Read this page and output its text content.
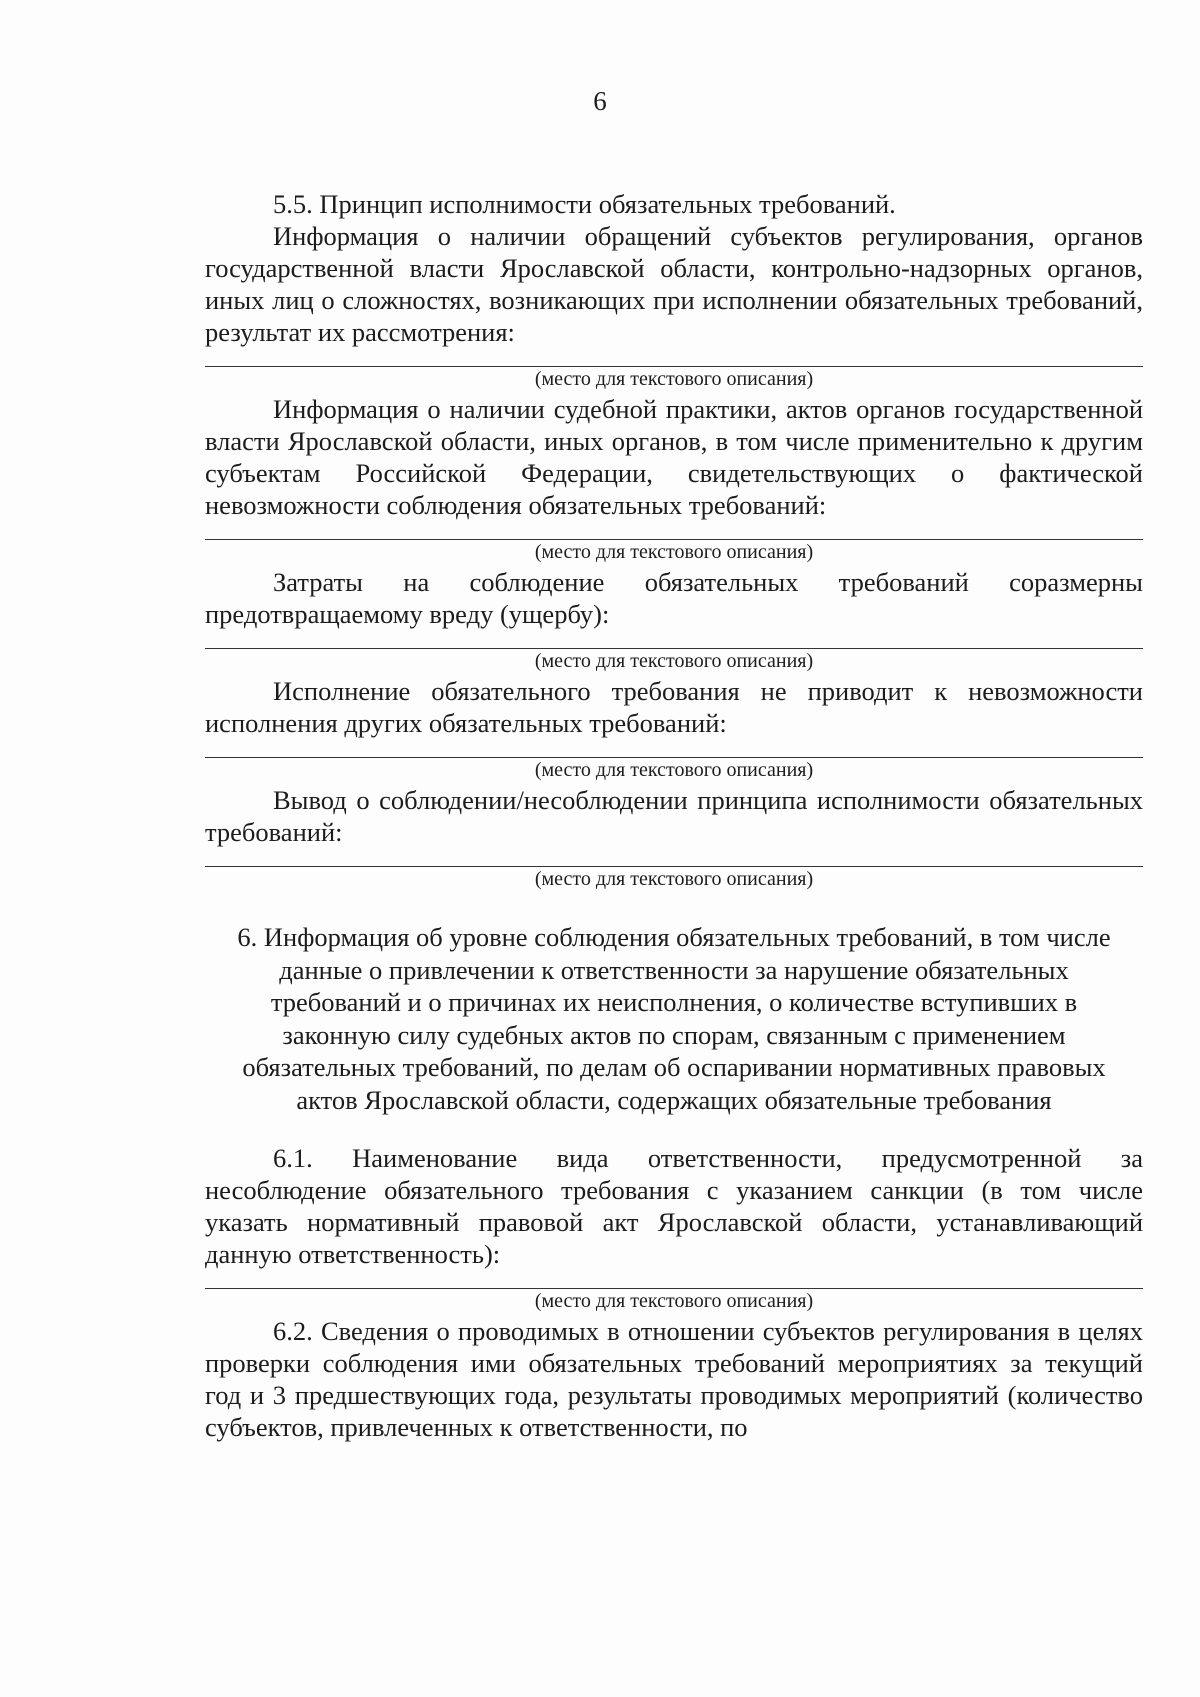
6

5.5. Принцип исполнимости обязательных требований.

Информация о наличии обращений субъектов регулирования, органов государственной власти Ярославской области, контрольно-надзорных органов, иных лиц о сложностях, возникающих при исполнении обязательных требований, результат их рассмотрения:

(место для текстового описания)

Информация о наличии судебной практики, актов органов государственной власти Ярославской области, иных органов, в том числе применительно к другим субъектам Российской Федерации, свидетельствующих о фактической невозможности соблюдения обязательных требований:

(место для текстового описания)

Затраты на соблюдение обязательных требований соразмерны предотвращаемому вреду (ущербу):

(место для текстового описания)

Исполнение обязательного требования не приводит к невозможности исполнения других обязательных требований:

(место для текстового описания)

Вывод о соблюдении/несоблюдении принципа исполнимости обязательных требований:

(место для текстового описания)
6. Информация об уровне соблюдения обязательных требований, в том числе
данные о привлечении к ответственности за нарушение обязательных
требований и о причинах их неисполнения, о количестве вступивших в
законную силу судебных актов по спорам, связанным с применением
обязательных требований, по делам об оспаривании нормативных правовых
актов Ярославской области, содержащих обязательные требования

6.1. Наименование вида ответственности, предусмотренной за несоблюдение обязательного требования с указанием санкции (в том числе указать нормативный правовой акт Ярославской области, устанавливающий данную ответственность):

(место для текстового описания)

6.2. Сведения о проводимых в отношении субъектов регулирования в целях проверки соблюдения ими обязательных требований мероприятиях за текущий год и 3 предшествующих года, результаты проводимых мероприятий (количество субъектов, привлеченных к ответственности, по
